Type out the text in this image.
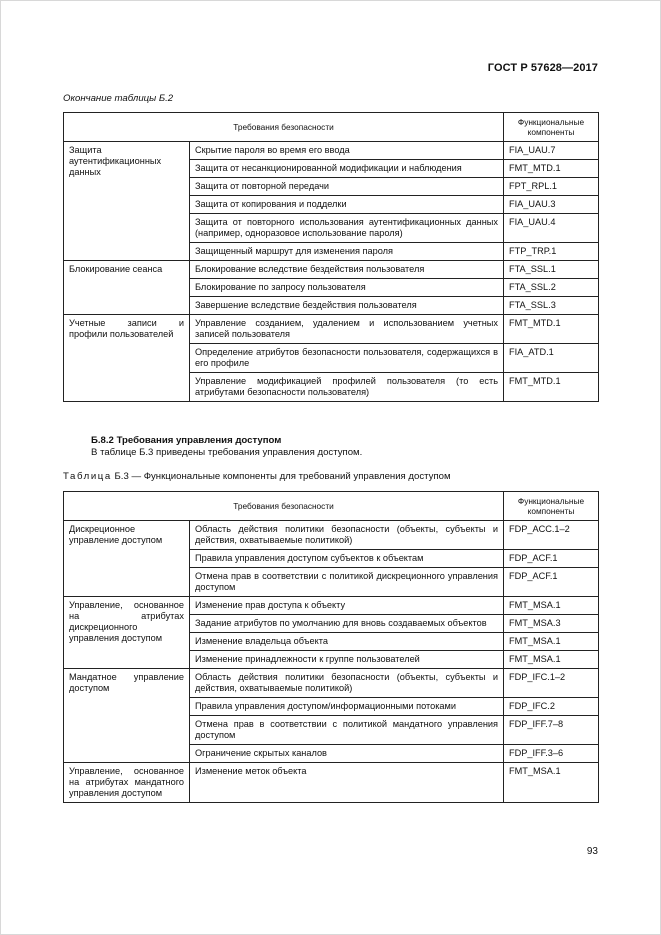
ГОСТ Р 57628—2017
Окончание таблицы Б.2
Требования безопасности		Функциональные компоненты
Защита аутентификационных данных	Скрытие пароля во время его ввода	FIA_UAU.7
	Защита от несанкционированной модификации и наблюдения	FMT_MTD.1
	Защита от повторной передачи	FPT_RPL.1
	Защита от копирования и подделки	FIA_UAU.3
	Защита от повторного использования аутентификационных данных (например, одноразовое использование пароля)	FIA_UAU.4
	Защищенный маршрут для изменения пароля	FTP_TRP.1
Блокирование сеанса	Блокирование вследствие бездействия пользователя	FTA_SSL.1
	Блокирование по запросу пользователя	FTA_SSL.2
	Завершение вследствие бездействия пользователя	FTA_SSL.3
Учетные записи и профили пользователей	Управление созданием, удалением и использованием учетных записей пользователя	FMT_MTD.1
	Определение атрибутов безопасности пользователя, содержащихся в его профиле	FIA_ATD.1
	Управление модификацией профилей пользователя (то есть атрибутами безопасности пользователя)	FMT_MTD.1
Б.8.2 Требования управления доступом
В таблице Б.3 приведены требования управления доступом.
Таблица Б.3 — Функциональные компоненты для требований управления доступом
Требования безопасности		Функциональные компоненты
Дискреционное управление доступом	Область действия политики безопасности (объекты, субъекты и действия, охватываемые политикой)	FDP_ACC.1–2
	Правила управления доступом субъектов к объектам	FDP_ACF.1
	Отмена прав в соответствии с политикой дискреционного управления доступом	FDP_ACF.1
Управление, основанное на атрибутах дискреционного управления доступом	Изменение прав доступа к объекту	FMT_MSA.1
	Задание атрибутов по умолчанию для вновь создаваемых объектов	FMT_MSA.3
	Изменение владельца объекта	FMT_MSA.1
	Изменение принадлежности к группе пользователей	FMT_MSA.1
Мандатное управление доступом	Область действия политики безопасности (объекты, субъекты и действия, охватываемые политикой)	FDP_IFC.1–2
	Правила управления доступом/информационными потоками	FDP_IFC.2
	Отмена прав в соответствии с политикой мандатного управления доступом	FDP_IFF.7–8
	Ограничение скрытых каналов	FDP_IFF.3–6
Управление, основанное на атрибутах мандатного управления доступом	Изменение меток объекта	FMT_MSA.1
93
